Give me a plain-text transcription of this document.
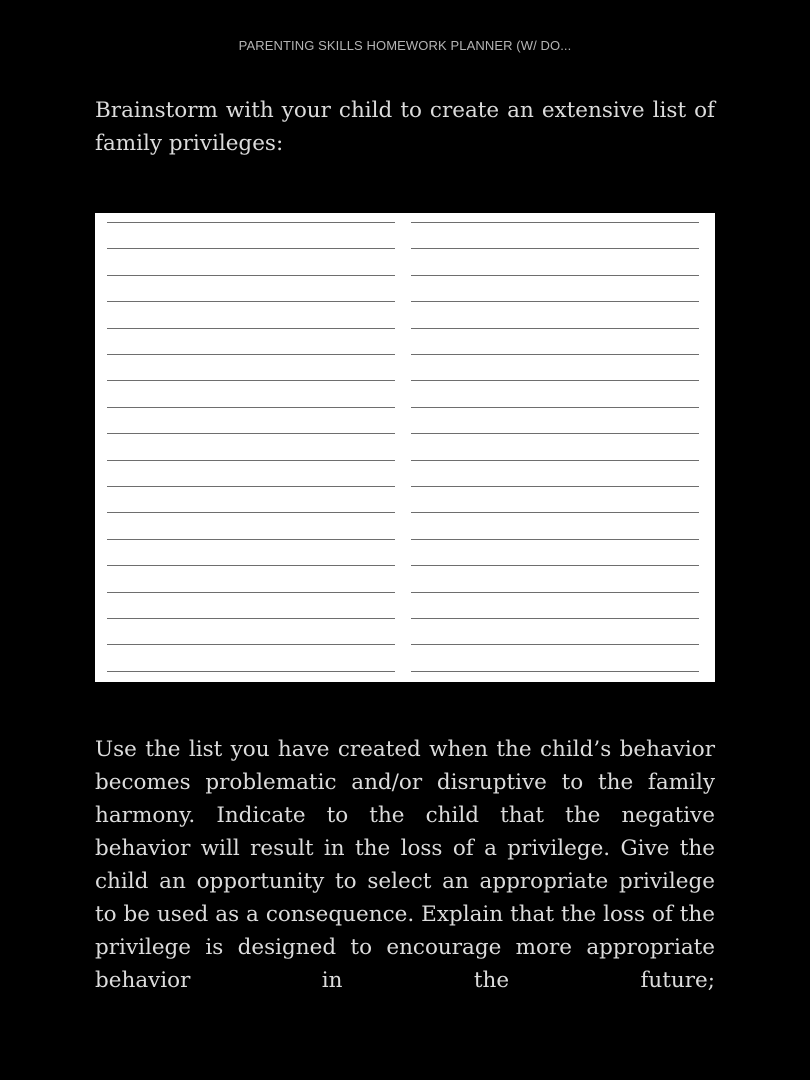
PARENTING SKILLS HOMEWORK PLANNER (W/ DO...

Brainstorm with your child to create an extensive list of family privileges:

Use the list you have created when the child’s behavior becomes problematic and/or disruptive to the family harmony. Indicate to the child that the negative behavior will result in the loss of a privilege. Give the child an opportunity to select an appropriate privilege to be used as a consequence. Explain that the loss of the privilege is designed to encourage more appropriate behavior in the future;
